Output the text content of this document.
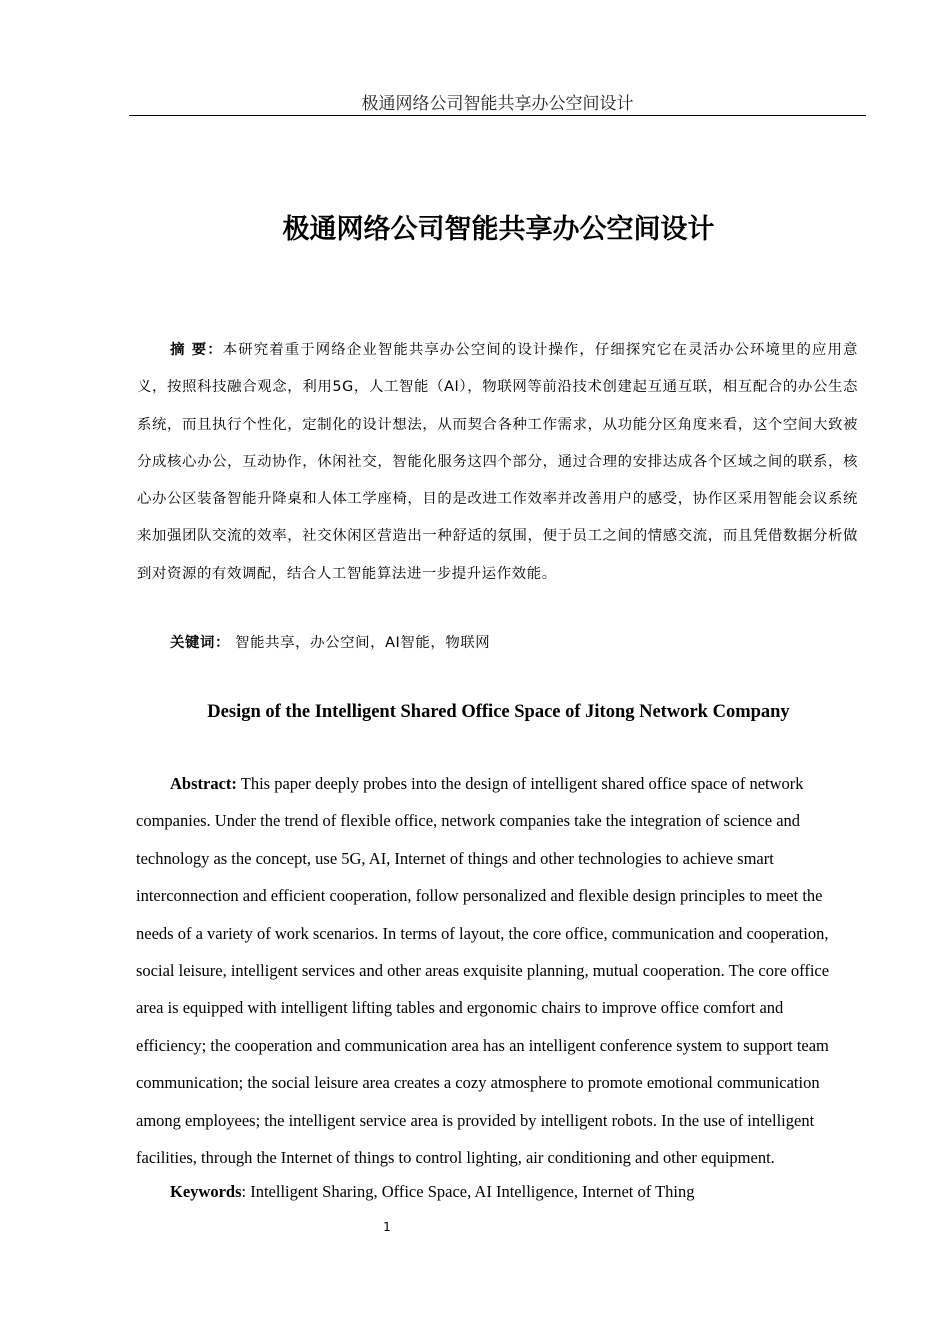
极通网络公司智能共享办公空间设计
极通网络公司智能共享办公空间设计

摘 要：本研究着重于网络企业智能共享办公空间的设计操作，仔细探究它在灵活办公环境里的应用意义，按照科技融合观念，利用5G，人工智能（AI），物联网等前沿技术创建起互通互联，相互配合的办公生态系统，而且执行个性化，定制化的设计想法，从而契合各种工作需求，从功能分区角度来看，这个空间大致被分成核心办公，互动协作，休闲社交，智能化服务这四个部分，通过合理的安排达成各个区域之间的联系，核心办公区装备智能升降桌和人体工学座椅，目的是改进工作效率并改善用户的感受，协作区采用智能会议系统来加强团队交流的效率，社交休闲区营造出一种舒适的氛围，便于员工之间的情感交流，而且凭借数据分析做到对资源的有效调配，结合人工智能算法进一步提升运作效能。

关键词： 智能共享，办公空间，AI智能，物联网

Design of the Intelligent Shared Office Space of Jitong Network Company

Abstract: This paper deeply probes into the design of intelligent shared office space of network companies. Under the trend of flexible office, network companies take the integration of science and technology as the concept, use 5G, AI, Internet of things and other technologies to achieve smart interconnection and efficient cooperation, follow personalized and flexible design principles to meet the needs of a variety of work scenarios. In terms of layout, the core office, communication and cooperation, social leisure, intelligent services and other areas exquisite planning, mutual cooperation. The core office area is equipped with intelligent lifting tables and ergonomic chairs to improve office comfort and efficiency; the cooperation and communication area has an intelligent conference system to support team communication; the social leisure area creates a cozy atmosphere to promote emotional communication among employees; the intelligent service area is provided by intelligent robots. In the use of intelligent facilities, through the Internet of things to control lighting, air conditioning and other equipment.

Keywords: Intelligent Sharing, Office Space, AI Intelligence, Internet of Thing

1
